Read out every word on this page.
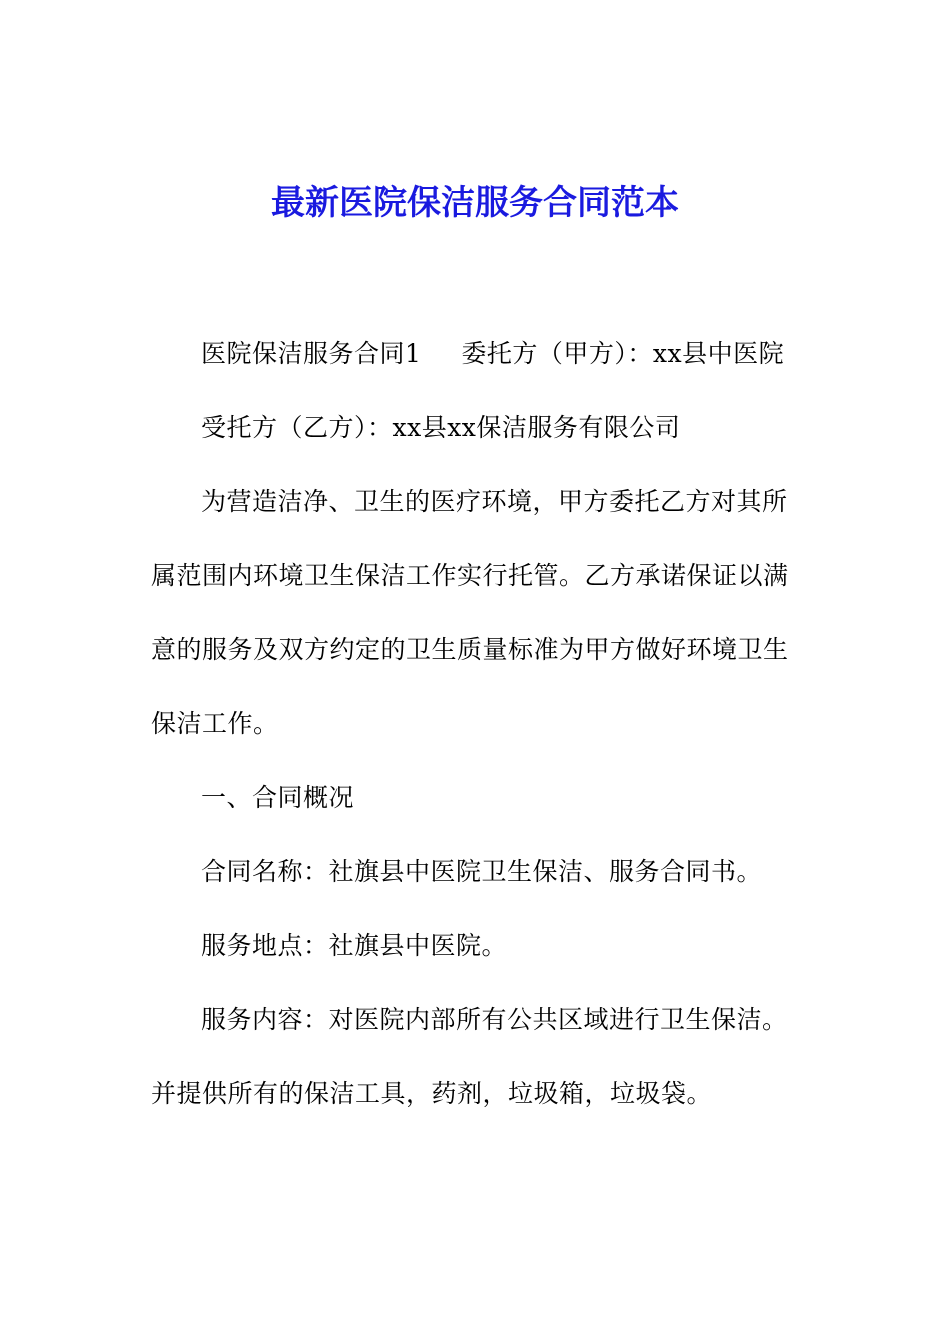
最新医院保洁服务合同范本

医院保洁服务合同1 委托方（甲方）：xx县中医院

受托方（乙方）：xx县xx保洁服务有限公司

为营造洁净、卫生的医疗环境，甲方委托乙方对其所属范围内环境卫生保洁工作实行托管。乙方承诺保证以满意的服务及双方约定的卫生质量标准为甲方做好环境卫生保洁工作。

一、合同概况

合同名称：社旗县中医院卫生保洁、服务合同书。

服务地点：社旗县中医院。

服务内容：对医院内部所有公共区域进行卫生保洁。并提供所有的保洁工具，药剂，垃圾箱，垃圾袋。
